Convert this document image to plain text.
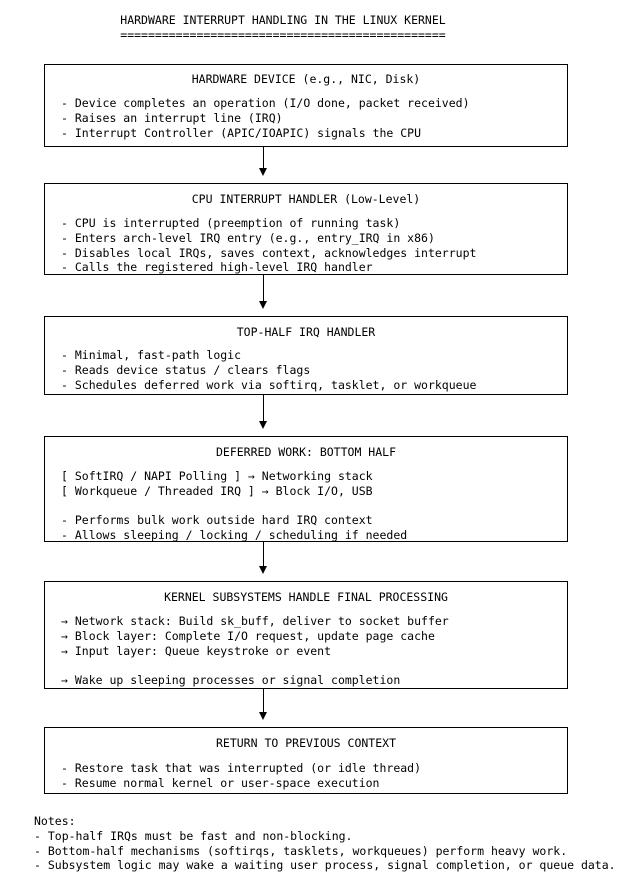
HARDWARE INTERRUPT HANDLING IN THE LINUX KERNEL
===============================================
HARDWARE DEVICE (e.g., NIC, Disk)
- Device completes an operation (I/O done, packet received)
- Raises an interrupt line (IRQ)
- Interrupt Controller (APIC/IOAPIC) signals the CPU
CPU INTERRUPT HANDLER (Low-Level)
- CPU is interrupted (preemption of running task)
- Enters arch-level IRQ entry (e.g., entry_IRQ in x86)
- Disables local IRQs, saves context, acknowledges interrupt
- Calls the registered high-level IRQ handler
TOP-HALF IRQ HANDLER
- Minimal, fast-path logic
- Reads device status / clears flags
- Schedules deferred work via softirq, tasklet, or workqueue
DEFERRED WORK: BOTTOM HALF
[ SoftIRQ / NAPI Polling ] → Networking stack
[ Workqueue / Threaded IRQ ] → Block I/O, USB
- Performs bulk work outside hard IRQ context
- Allows sleeping / locking / scheduling if needed
KERNEL SUBSYSTEMS HANDLE FINAL PROCESSING
→ Network stack: Build sk_buff, deliver to socket buffer
→ Block layer: Complete I/O request, update page cache
→ Input layer: Queue keystroke or event
→ Wake up sleeping processes or signal completion
RETURN TO PREVIOUS CONTEXT
- Restore task that was interrupted (or idle thread)
- Resume normal kernel or user-space execution
Notes:
- Top-half IRQs must be fast and non-blocking.
- Bottom-half mechanisms (softirqs, tasklets, workqueues) perform heavy work.
- Subsystem logic may wake a waiting user process, signal completion, or queue data.
